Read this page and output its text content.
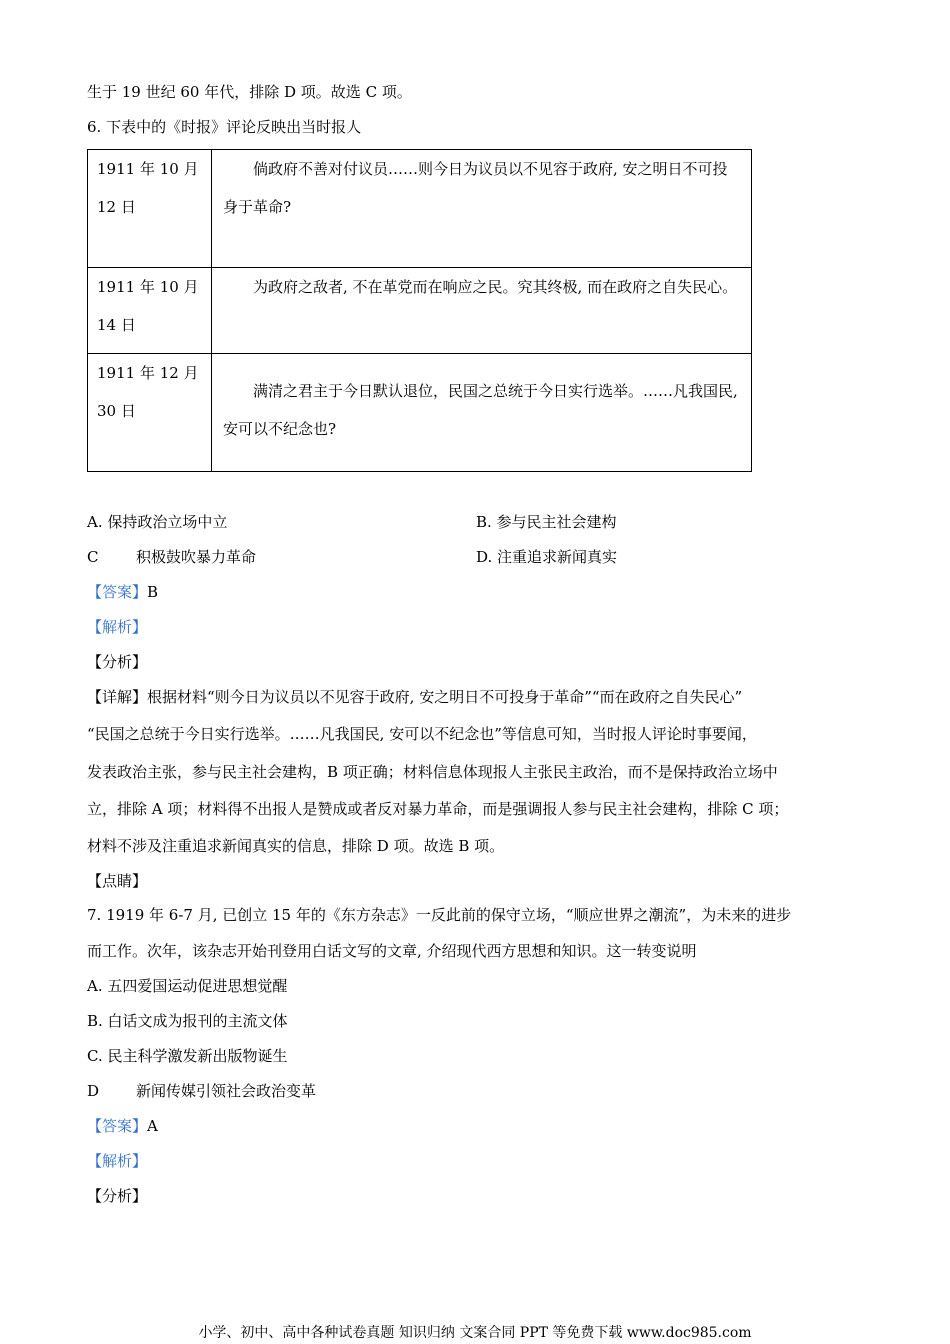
生于 19 世纪 60 年代，排除 D 项。故选 C 项。
6. 下表中的《时报》评论反映出当时报人
1911 年 10 月 12 日	倘政府不善对付议员……则今日为议员以不见容于政府, 安之明日不可投身于革命?

1911 年 10 月 14 日	为政府之敌者, 不在革党而在响应之民。究其终极, 而在政府之自失民心。

1911 年 12 月 30 日	满清之君主于今日默认退位，民国之总统于今日实行选举。……凡我国民, 安可以不纪念也?
A. 保持政治立场中立	B. 参与民主社会建构
C	积极鼓吹暴力革命	D. 注重追求新闻真实
【答案】B
【解析】
【分析】
【详解】根据材料“则今日为议员以不见容于政府, 安之明日不可投身于革命”“而在政府之自失民心”
“民国之总统于今日实行选举。……凡我国民, 安可以不纪念也”等信息可知，当时报人评论时事要闻，
发表政治主张，参与民主社会建构，B 项正确；材料信息体现报人主张民主政治，而不是保持政治立场中
立，排除 A 项；材料得不出报人是赞成或者反对暴力革命，而是强调报人参与民主社会建构，排除 C 项；
材料不涉及注重追求新闻真实的信息，排除 D 项。故选 B 项。
【点睛】
7. 1919 年 6-7 月, 已创立 15 年的《东方杂志》一反此前的保守立场，“顺应世界之潮流”，为未来的进步
而工作。次年，该杂志开始刊登用白话文写的文章, 介绍现代西方思想和知识。这一转变说明
A. 五四爱国运动促进思想觉醒
B. 白话文成为报刊的主流文体
C. 民主科学激发新出版物诞生
D 新闻传媒引领社会政治变革
【答案】A
【解析】
【分析】
小学、初中、高中各种试卷真题 知识归纳 文案合同 PPT 等免费下载 www.doc985.com
